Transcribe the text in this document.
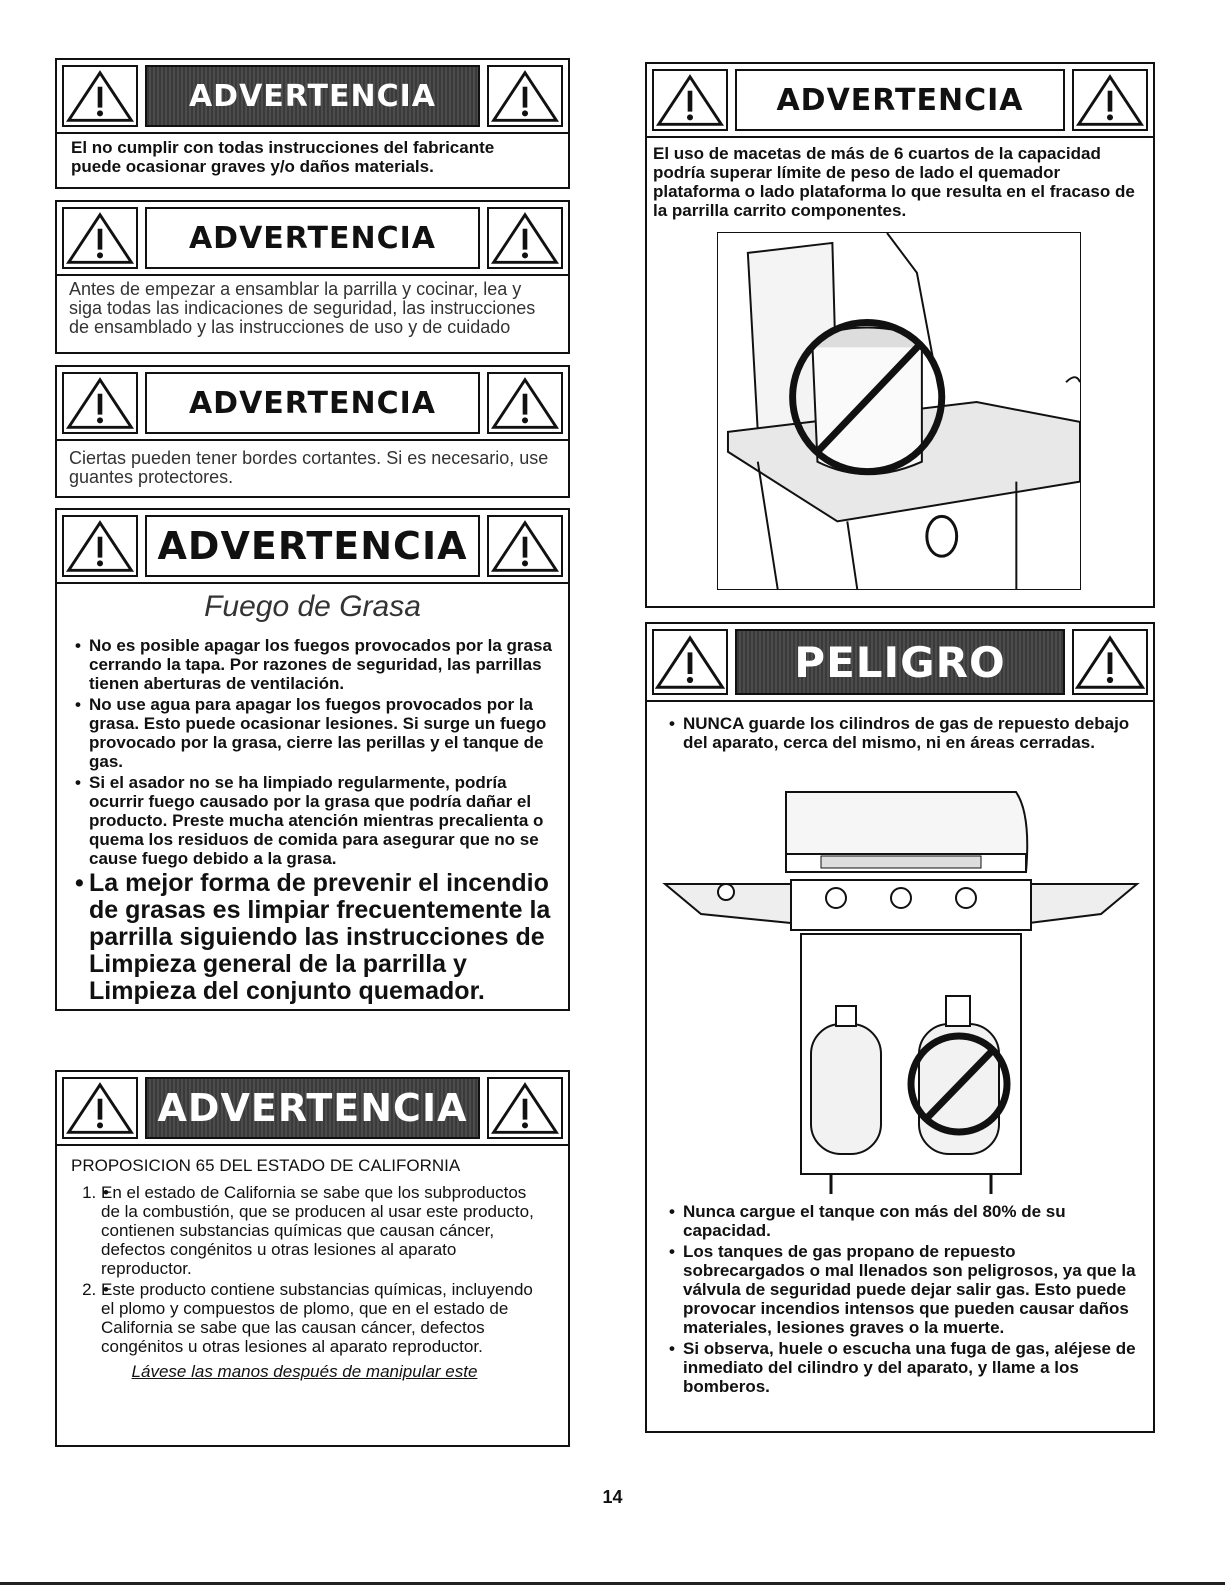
ADVERTENCIA
El no cumplir con todas instrucciones del fabricante puede ocasionar graves y/o daños materials.
ADVERTENCIA
Antes de empezar a ensamblar la parrilla y cocinar, lea y siga todas las indicaciones de seguridad, las instrucciones de ensamblado y las instrucciones de uso y de cuidado
ADVERTENCIA
Ciertas pueden tener bordes cortantes. Si es necesario, use guantes protectores.
ADVERTENCIA
Fuego de Grasa
• No es posible apagar los fuegos provocados por la grasa cerrando la tapa. Por razones de seguridad, las parrillas tienen aberturas de ventilación.
• No use agua para apagar los fuegos provocados por la grasa. Esto puede ocasionar lesiones. Si surge un fuego provocado por la grasa, cierre las perillas y el tanque de gas.
• Si el asador no se ha limpiado regularmente, podría ocurrir fuego causado por la grasa que podría dañar el producto. Preste mucha atención mientras precalienta o quema los residuos de comida para asegurar que no se cause fuego debido a la grasa.
• La mejor forma de prevenir el incendio de grasas es limpiar frecuentemente la parrilla siguiendo las instrucciones de Limpieza general de la parrilla y Limpieza del conjunto quemador.
ADVERTENCIA
PROPOSICION 65 DEL ESTADO DE CALIFORNIA
• 1. En el estado de California se sabe que los subproductos de la combustión, que se producen al usar este producto, contienen substancias químicas que causan cáncer, defectos congénitos u otras lesiones al aparato reproductor.
• 2. Este producto contiene substancias químicas, incluyendo el plomo y compuestos de plomo, que en el estado de California se sabe que las causan cáncer, defectos congénitos u otras lesiones al aparato reproductor.
Lávese las manos después de manipular este
ADVERTENCIA
El uso de macetas de más de 6 cuartos de la capacidad podría superar límite de peso de lado el quemador plataforma o lado plataforma lo que resulta en el fracaso de la parrilla carrito componentes.
PELIGRO
• NUNCA guarde los cilindros de gas de repuesto debajo del aparato, cerca del mismo, ni en áreas cerradas.
• Nunca cargue el tanque con más del 80% de su capacidad.
• Los tanques de gas propano de repuesto sobrecargados o mal llenados son peligrosos, ya que la válvula de seguridad puede dejar salir gas. Esto puede provocar incendios intensos que pueden causar daños materiales, lesiones graves o la muerte.
• Si observa, huele o escucha una fuga de gas, aléjese de inmediato del cilindro y del aparato, y llame a los bomberos.
14
